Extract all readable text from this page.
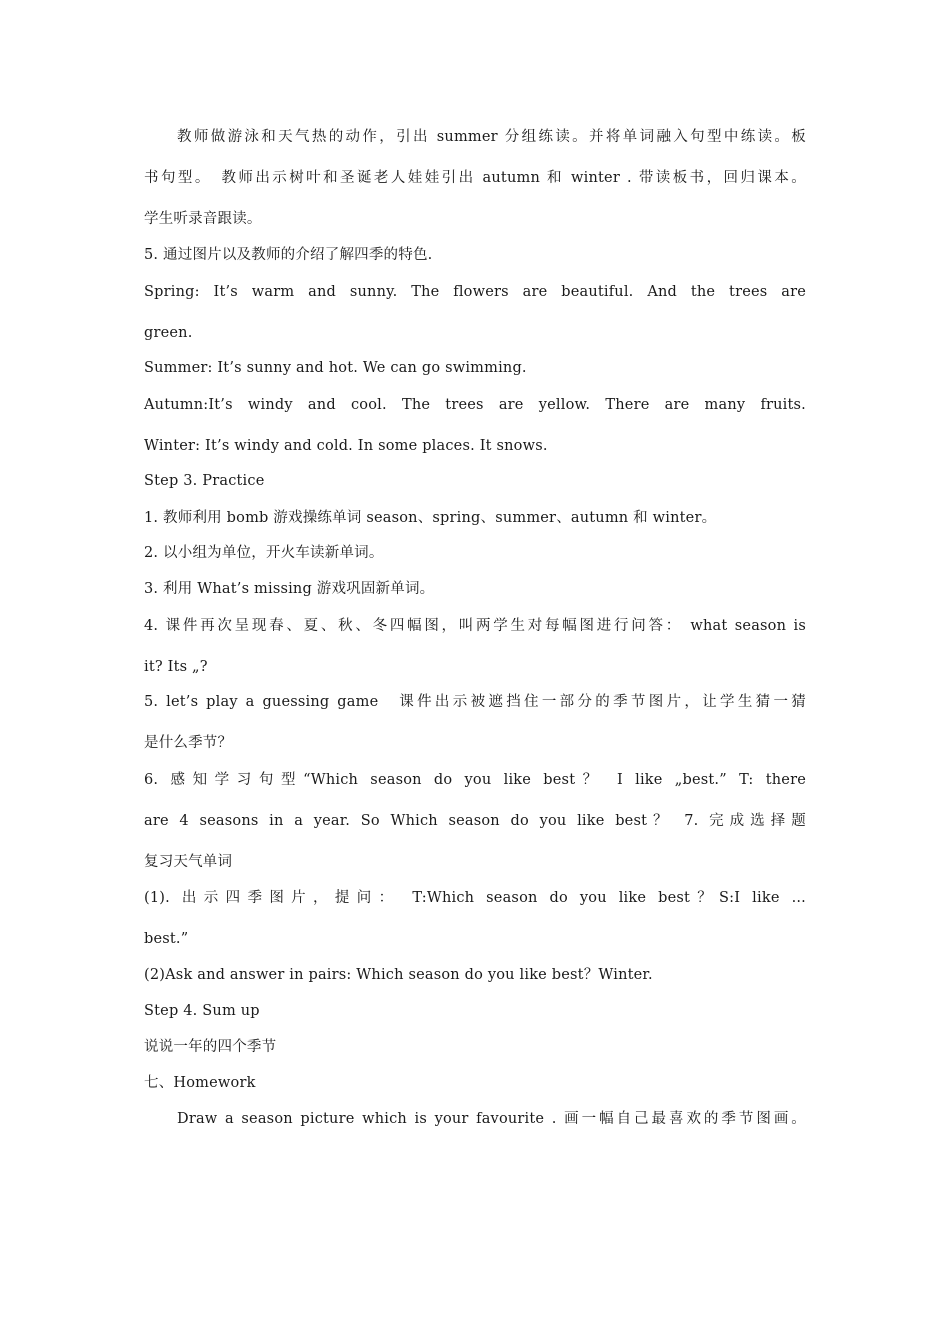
教师做游泳和天气热的动作，引出 summer 分组练读。并将单词融入句型中练读。板
书句型。　教师出示树叶和圣诞老人娃娃引出 autumn 和 winter . 带读板书，回归课本。
学生听录音跟读。
5. 通过图片以及教师的介绍了解四季的特色.
Spring: It’s warm and sunny. The flowers are beautiful. And the trees are
green.
Summer: It’s sunny and hot. We can go swimming.
Autumn:It’s windy and cool. The trees are yellow. There are many fruits.
Winter: It’s windy and cold. In some places. It snows.
Step 3. Practice
1. 教师利用 bomb 游戏操练单词 season、spring、summer、autumn 和 winter。
2. 以小组为单位，开火车读新单词。
3. 利用 What’s missing 游戏巩固新单词。
4. 课件再次呈现春、夏、秋、冬四幅图，叫两学生对每幅图进行问答： what season is
it? Its „?
5. let’s play a guessing game　课件出示被遮挡住一部分的季节图片，让学生猜一猜
是什么季节？
6. 感知学习句型“Which season do you like best？ I like „best.” T: there
are 4 seasons in a year. So Which season do you like best？ 7. 完成选择题
复习天气单词
(1). 出示四季图片，提问： T:Which season do you like best？S:I like ...
best.”
(2)Ask and answer in pairs: Which season do you like best？Winter.
Step 4. Sum up
说说一年的四个季节
七、Homework
Draw a season picture which is your favourite . 画一幅自己最喜欢的季节图画。
